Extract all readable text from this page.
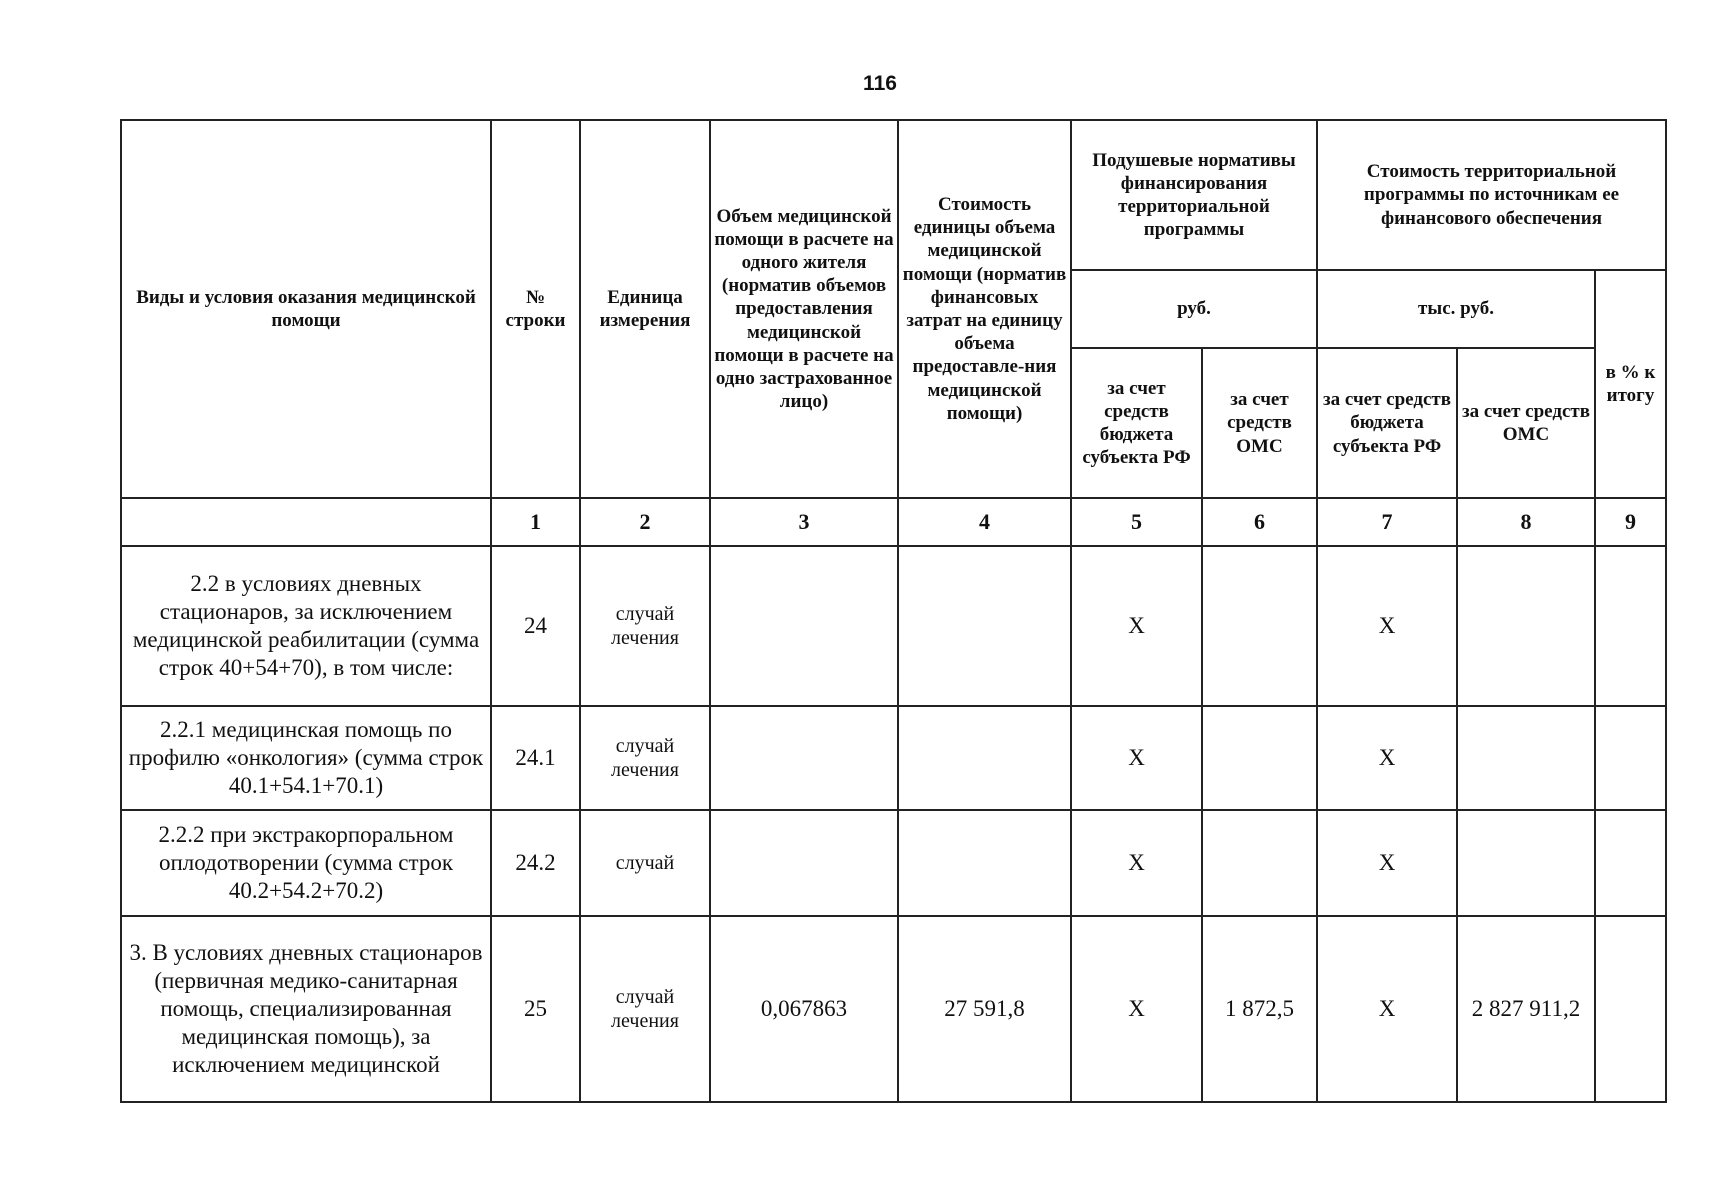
116
Виды и условия оказания медицинской помощи	№ строки	Единица измерения	Объем медицинской помощи в расчете на одного жителя (норматив объемов предоставления медицинской помощи в расчете на одно застрахованное лицо)	Стоимость единицы объема медицинской помощи (норматив финансовых затрат на единицу объема предоставле-ния медицинской помощи)	Подушевые нормативы финансирования территориальной программы		Стоимость территориальной программы по источникам ее финансового обеспечения		
					руб.		тыс. руб.		в % к итогу
					за счет средств бюджета субъекта РФ	за счет средств ОМС	за счет средств бюджета субъекта РФ	за счет средств ОМС	
	1	2	3	4	5	6	7	8	9
2.2 в условиях дневных стационаров, за исключением медицинской реабилитации (сумма строк 40+54+70), в том числе:	24	случай лечения			Х		Х		
2.2.1 медицинская помощь по профилю «онкология» (сумма строк 40.1+54.1+70.1)	24.1	случай лечения			Х		Х		
2.2.2 при экстракорпоральном оплодотворении (сумма строк 40.2+54.2+70.2)	24.2	случай			Х		Х		
3. В условиях дневных стационаров (первичная медико-санитарная помощь, специализированная медицинская помощь), за исключением медицинской	25	случай лечения	0,067863	27 591,8	Х	1 872,5	Х	2 827 911,2	
